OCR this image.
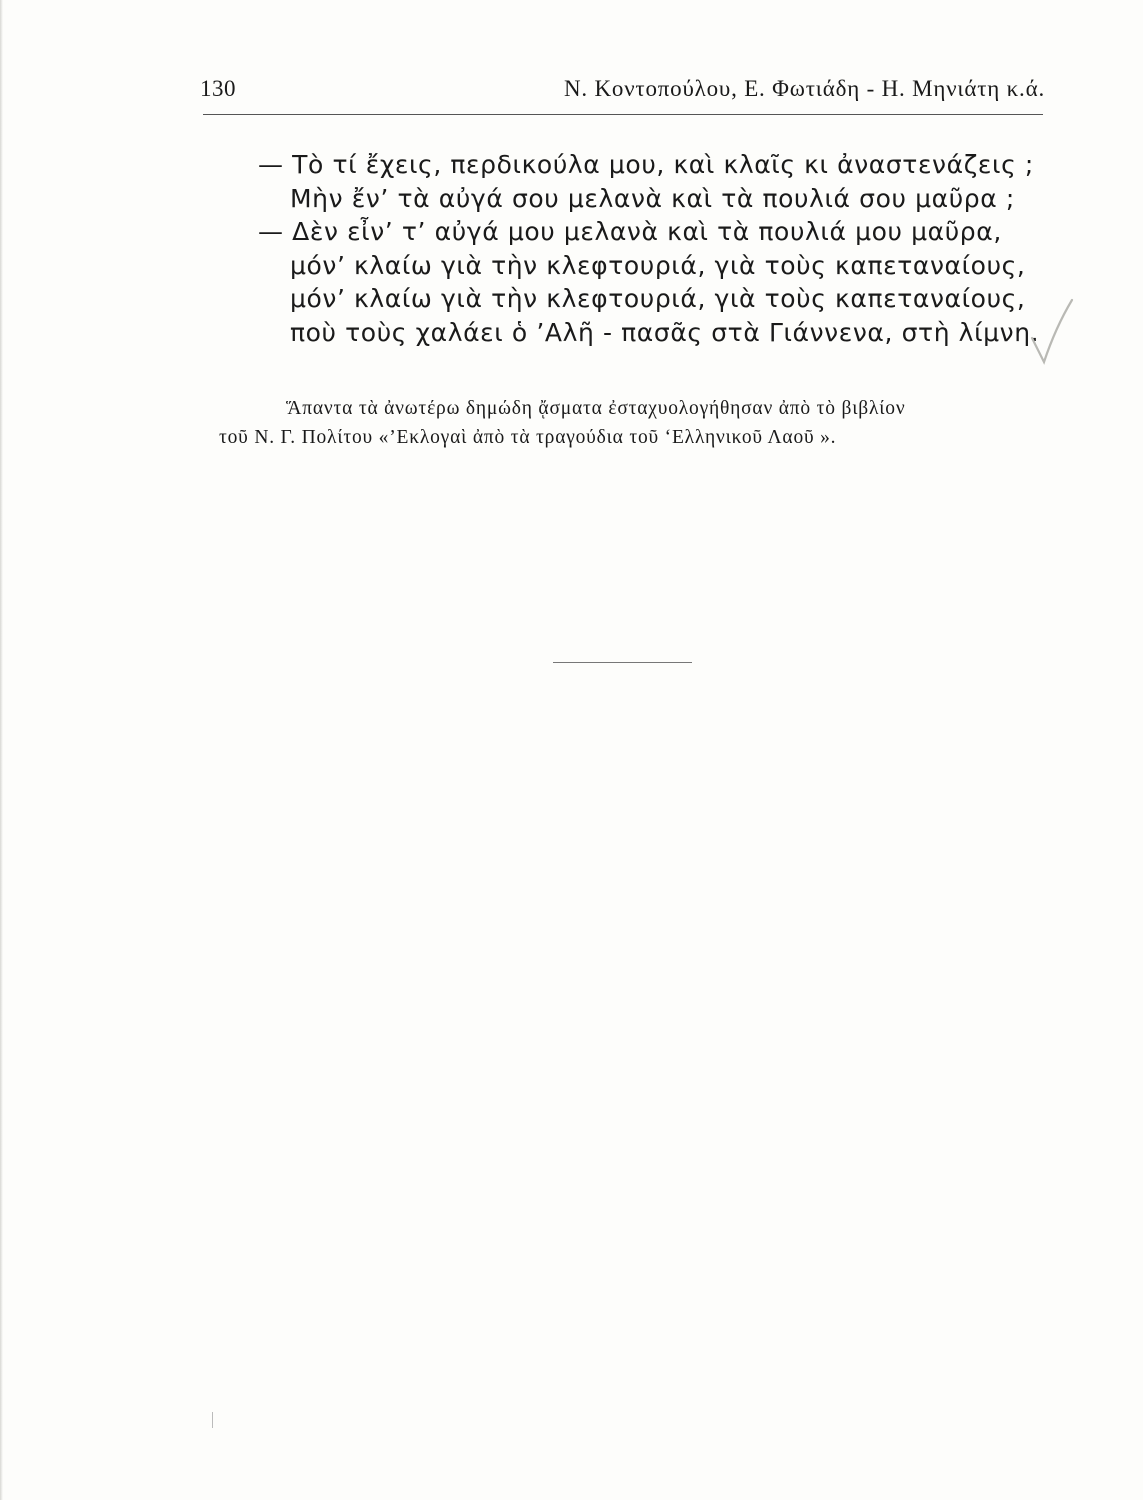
130	Ν. Κοντοπούλου, Ε. Φωτιάδη - Η. Μηνιάτη κ.ά.
— Τὸ τί ἔχεις, περδικούλα μου, καὶ κλαῖς κι ἀναστενάζεις ;
Μὴν ἔν’ τὰ αὐγά σου μελανὰ καὶ τὰ πουλιά σου μαῦρα ;
— Δὲν εἶν’ τ’ αὐγά μου μελανὰ καὶ τὰ πουλιά μου μαῦρα,
μόν’ κλαίω γιὰ τὴν κλεφτουριά, γιὰ τοὺς καπεταναίους,
μόν’ κλαίω γιὰ τὴν κλεφτουριά, γιὰ τοὺς καπεταναίους,
ποὺ τοὺς χαλάει ὁ ’Αλῆ - πασᾶς στὰ Γιάννενα, στὴ λίμνη.
Ἅπαντα τὰ ἀνωτέρω δημώδη ᾄσματα ἐσταχυολογήθησαν ἀπὸ τὸ βιβλίον
τοῦ Ν. Γ. Πολίτου «’Εκλογαὶ ἀπὸ τὰ τραγούδια τοῦ ‘Ελληνικοῦ Λαοῦ ».
